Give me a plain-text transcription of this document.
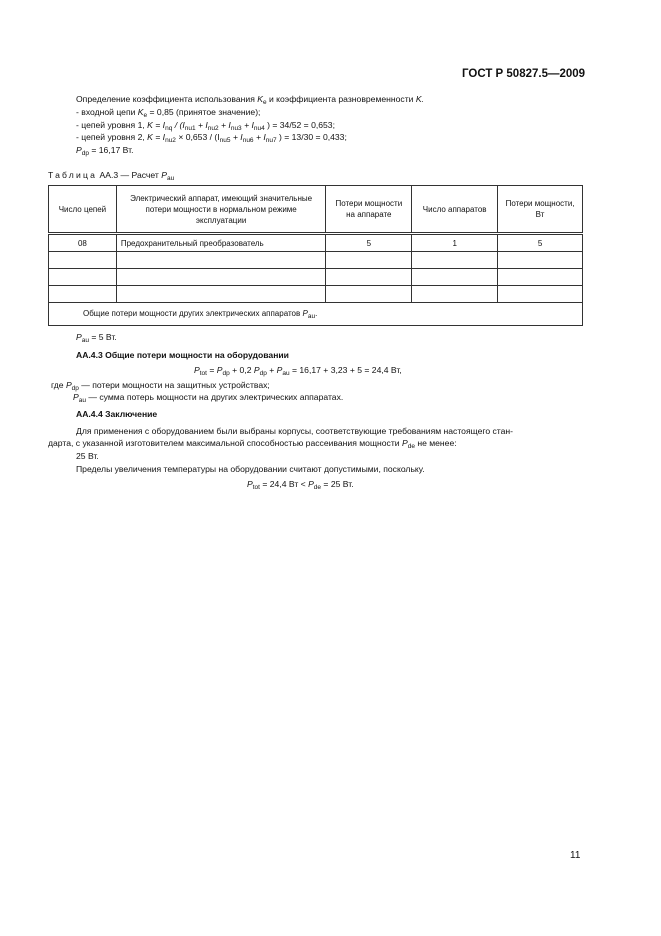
ГОСТ Р 50827.5—2009
Определение коэффициента использования $K_e$ и коэффициента разновременности K.
- входной цепи $K_e = 0,85$ (принятое значение);
- цепей уровня 1, $K = I_{nq} / (I_{nu1} + I_{nu2} + I_{nu3} + I_{nu4}$ ) = 34/52 = 0,653;
- цепей уровня 2, $K = I_{nu2} \times 0,653 / (I_{nu5} + I_{nu6} + I_{nu7}$ ) = 13/30 = 0,433;
$P_{dp} = 16,17$ Вт.
Таблица АА.3 — Расчет $P_{au}$
Число цепей	Электрический аппарат, имеющий значительные потери мощности в нормальном режиме эксплуатации	Потери мощности на аппарате	Число аппаратов	Потери мощности, Вт
08	Предохранительный преобразователь	5	1	5

Общие потери мощности других электрических аппаратов $P_{au}$.				
$P_{au} = 5$ Вт.
АА.4.3 Общие потери мощности на оборудовании
$P_{tot} = P_{dp} + 0,2$ $P_{dp} + P_{au} = 16,17 + 3,23 + 5 = 24,4$ Вт,
где $P_{dp}$ — потери мощности на защитных устройствах;
$P_{au}$ — сумма потерь мощности на других электрических аппаратах.
АА.4.4 Заключение
Для применения с оборудованием были выбраны корпусы, соответствующие требованиям настоящего стан-
дарта, с указанной изготовителем максимальной способностью рассеивания мощности $P_{de}$ не менее:
25 Вт.
Пределы увеличения температуры на оборудовании считают допустимыми, поскольку.
$P_{tot} = 24,4$ Вт < $P_{de} = 25$ Вт.
11
